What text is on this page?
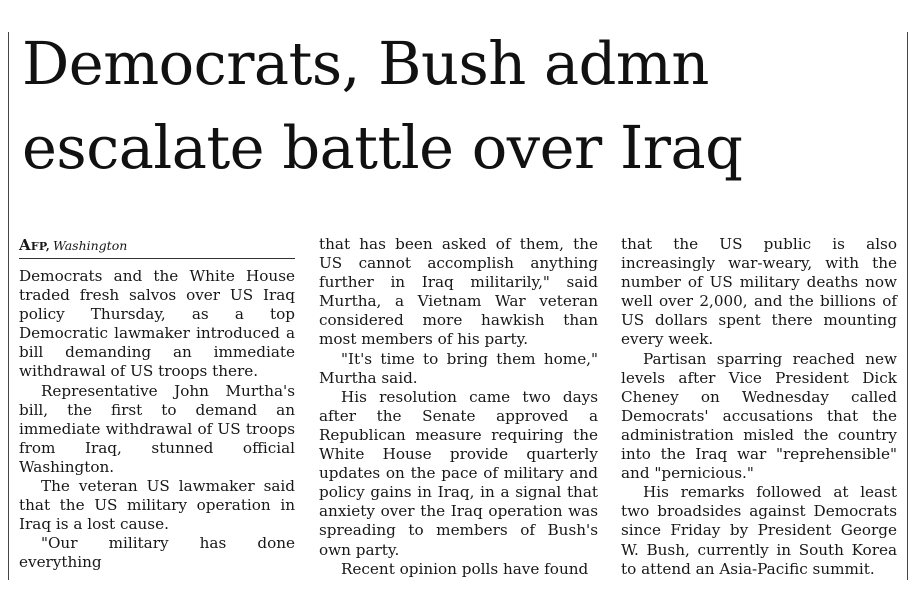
Democrats, Bush admn
escalate battle over Iraq
AFP, Washington

Democrats and the White House traded fresh salvos over US Iraq policy Thursday, as a top Democratic lawmaker introduced a bill demanding an immediate withdrawal of US troops there.

Representative John Murtha's bill, the first to demand an immediate withdrawal of US troops from Iraq, stunned official Washington.

The veteran US lawmaker said that the US military operation in Iraq is a lost cause.

"Our military has done everything

that has been asked of them, the US cannot accomplish anything further in Iraq militarily," said Murtha, a Vietnam War veteran considered more hawkish than most members of his party.

"It's time to bring them home," Murtha said.

His resolution came two days after the Senate approved a Republican measure requiring the White House provide quarterly updates on the pace of military and policy gains in Iraq, in a signal that anxiety over the Iraq operation was spreading to members of Bush's own party.

Recent opinion polls have found

that the US public is also increasingly war-weary, with the number of US military deaths now well over 2,000, and the billions of US dollars spent there mounting every week.

Partisan sparring reached new levels after Vice President Dick Cheney on Wednesday called Democrats' accusations that the administration misled the country into the Iraq war "reprehensible" and "pernicious."

His remarks followed at least two broadsides against Democrats since Friday by President George W. Bush, currently in South Korea to attend an Asia-Pacific summit.
